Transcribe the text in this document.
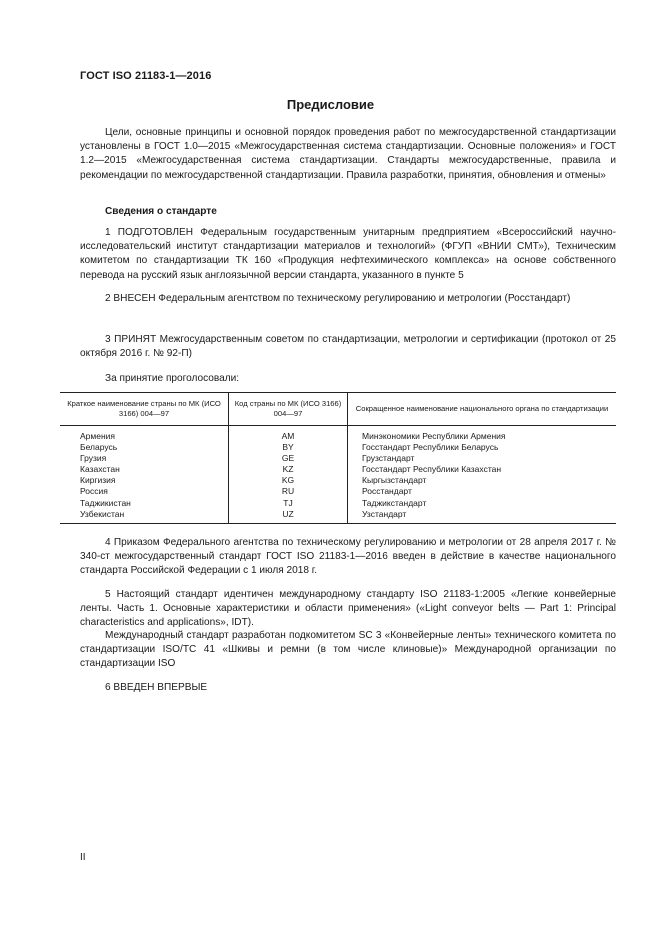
ГОСТ ISO 21183-1—2016
Предисловие

Цели, основные принципы и основной порядок проведения работ по межгосударственной стандартизации установлены в ГОСТ 1.0—2015 «Межгосударственная система стандартизации. Основные положения» и ГОСТ 1.2—2015 «Межгосударственная система стандартизации. Стандарты межгосударственные, правила и рекомендации по межгосударственной стандартизации. Правила разработки, принятия, обновления и отмены»

Сведения о стандарте

1 ПОДГОТОВЛЕН Федеральным государственным унитарным предприятием «Всероссийский научно-исследовательский институт стандартизации материалов и технологий» (ФГУП «ВНИИ СМТ»), Техническим комитетом по стандартизации ТК 160 «Продукция нефтехимического комплекса» на основе собственного перевода на русский язык англоязычной версии стандарта, указанного в пункте 5

2 ВНЕСЕН Федеральным агентством по техническому регулированию и метрологии (Росстандарт)

3 ПРИНЯТ Межгосударственным советом по стандартизации, метрологии и сертификации (протокол от 25 октября 2016 г. № 92-П)

За принятие проголосовали:
Краткое наименование страны по МК (ИСО 3166) 004—97	Код страны по МК (ИСО 3166) 004—97	Сокращенное наименование национального органа по стандартизации
Армения	AM	Минэкономики Республики Армения
Беларусь	BY	Госстандарт Республики Беларусь
Грузия	GE	Грузстандарт
Казахстан	KZ	Госстандарт Республики Казахстан
Киргизия	KG	Кыргызстандарт
Россия	RU	Росстандарт
Таджикистан	TJ	Таджикстандарт
Узбекистан	UZ	Узстандарт

4 Приказом Федерального агентства по техническому регулированию и метрологии от 28 апреля 2017 г. № 340-ст межгосударственный стандарт ГОСТ ISO 21183-1—2016 введен в действие в качестве национального стандарта Российской Федерации с 1 июля 2018 г.

5 Настоящий стандарт идентичен международному стандарту ISO 21183-1:2005 «Легкие конвейерные ленты. Часть 1. Основные характеристики и области применения» («Light conveyor belts — Part 1: Principal characteristics and applications», IDT).

Международный стандарт разработан подкомитетом SC 3 «Конвейерные ленты» технического комитета по стандартизации ISO/TC 41 «Шкивы и ремни (в том числе клиновые)» Международной организации по стандартизации ISO

6 ВВЕДЕН ВПЕРВЫЕ

II
